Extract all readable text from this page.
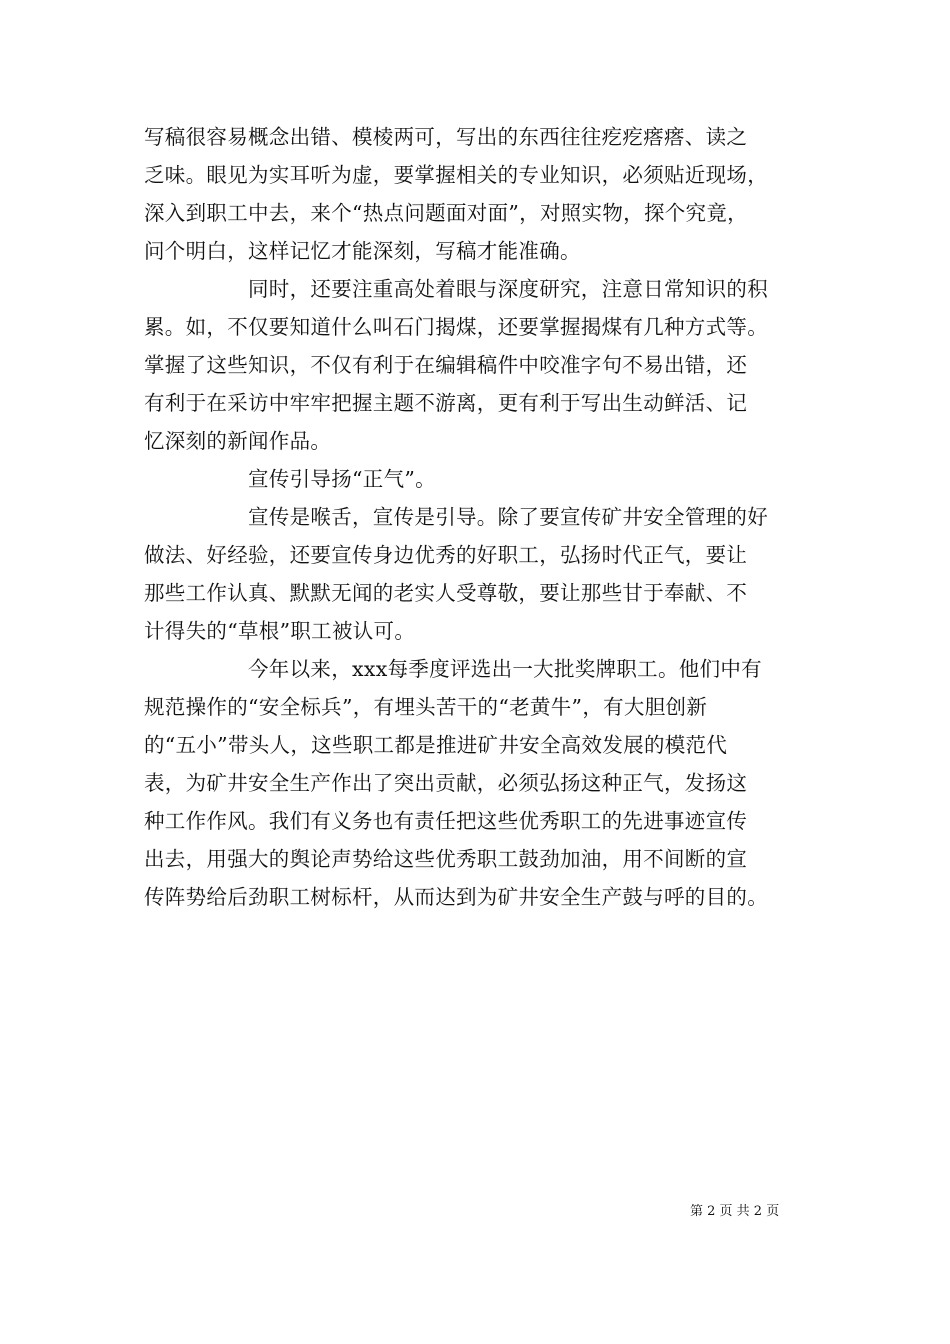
写稿很容易概念出错、模棱两可，写出的东西往往疙疙瘩瘩、读之
乏味。眼见为实耳听为虚，要掌握相关的专业知识，必须贴近现场，
深入到职工中去，来个“热点问题面对面”，对照实物，探个究竟，
问个明白，这样记忆才能深刻，写稿才能准确。
同时，还要注重高处着眼与深度研究，注意日常知识的积
累。如，不仅要知道什么叫石门揭煤，还要掌握揭煤有几种方式等。
掌握了这些知识，不仅有利于在编辑稿件中咬准字句不易出错，还
有利于在采访中牢牢把握主题不游离，更有利于写出生动鲜活、记
忆深刻的新闻作品。
宣传引导扬“正气”。
宣传是喉舌，宣传是引导。除了要宣传矿井安全管理的好
做法、好经验，还要宣传身边优秀的好职工，弘扬时代正气，要让
那些工作认真、默默无闻的老实人受尊敬，要让那些甘于奉献、不
计得失的“草根”职工被认可。
今年以来，xxx每季度评选出一大批奖牌职工。他们中有
规范操作的“安全标兵”，有埋头苦干的“老黄牛”，有大胆创新
的“五小”带头人，这些职工都是推进矿井安全高效发展的模范代
表，为矿井安全生产作出了突出贡献，必须弘扬这种正气，发扬这
种工作作风。我们有义务也有责任把这些优秀职工的先进事迹宣传
出去，用强大的舆论声势给这些优秀职工鼓劲加油，用不间断的宣
传阵势给后劲职工树标杆，从而达到为矿井安全生产鼓与呼的目的。
第 2 页 共 2 页
